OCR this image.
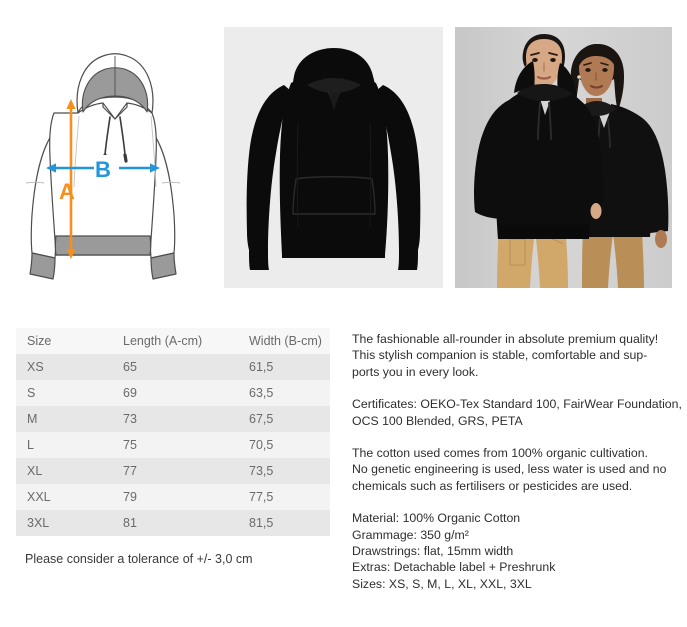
A
B
Size	Length (A-cm)	Width (B-cm)
XS	65	61,5
S	69	63,5
M	73	67,5
L	75	70,5
XL	77	73,5
XXL	79	77,5
3XL	81	81,5
Please consider a tolerance of +/- 3,0 cm

The fashionable all-rounder in absolute premium quality!
This stylish companion is stable, comfortable and sup-
ports you in every look.

Certificates: OEKO-Tex Standard 100, FairWear Foundation,
OCS 100 Blended, GRS, PETA

The cotton used comes from 100% organic cultivation.
No genetic engineering is used, less water is used and no
chemicals such as fertilisers or pesticides are used.

Material: 100% Organic Cotton
Grammage: 350 g/m²
Drawstrings: flat, 15mm width
Extras: Detachable label + Preshrunk
Sizes: XS, S, M, L, XL, XXL, 3XL
